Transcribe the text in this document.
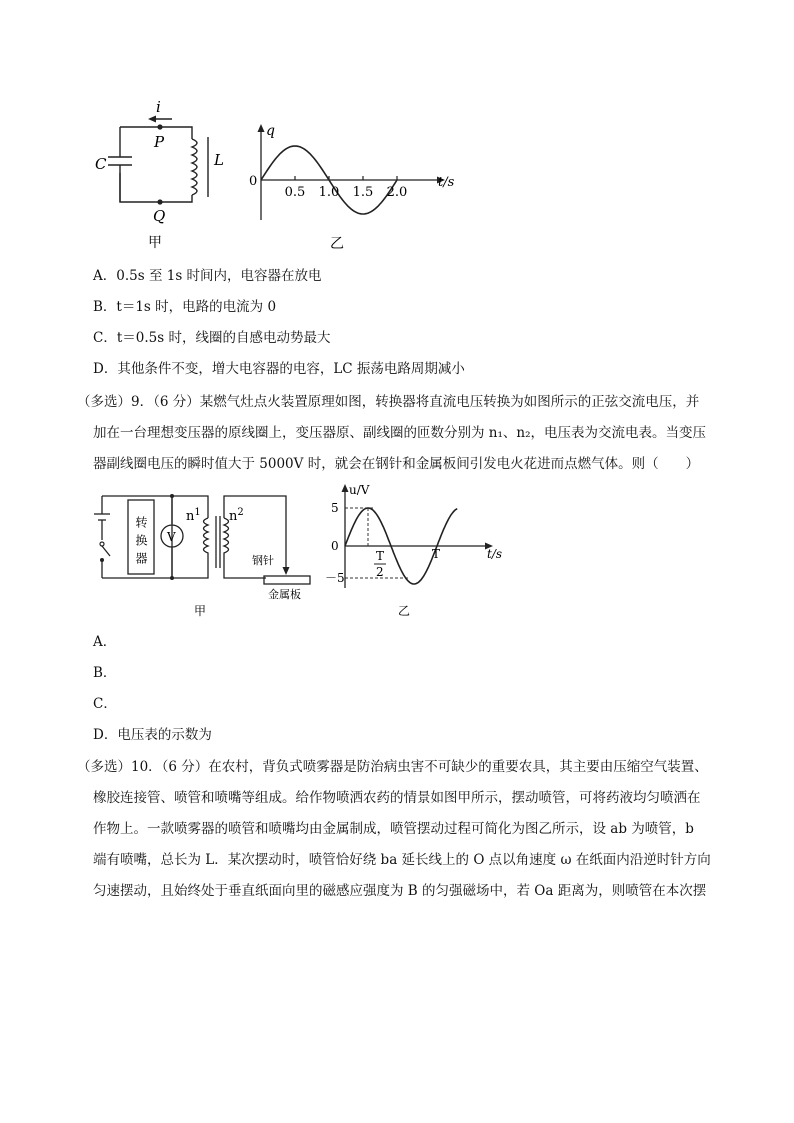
i
P
Q
C	L
甲
q
t/s
0
0.5 1.0 1.5 2.0
乙
A．0.5s 至 1s 时间内，电容器在放电
B．t＝1s 时，电路的电流为 0
C．t＝0.5s 时，线圈的自感电动势最大
D．其他条件不变，增大电容器的电容，LC 振荡电路周期减小
（多选）9．（6 分）某燃气灶点火装置原理如图，转换器将直流电压转换为如图所示的正弦交流电压，并
加在一台理想变压器的原线圈上，变压器原、副线圈的匝数分别为 n₁、n₂，电压表为交流电表。当变压
器副线圈电压的瞬时值大于 5000V 时，就会在钢针和金属板间引发电火花进而点燃气体。则（　　）
转换器 V
$n^1$ $n^2$
钢针
金属板
甲
u/V
t/s
5
0
－5
T
2
T
乙
A．
B．
C．
D．电压表的示数为
（多选）10．（6 分）在农村，背负式喷雾器是防治病虫害不可缺少的重要农具，其主要由压缩空气装置、
橡胶连接管、喷管和喷嘴等组成。给作物喷洒农药的情景如图甲所示，摆动喷管，可将药液均匀喷洒在
作物上。一款喷雾器的喷管和喷嘴均由金属制成，喷管摆动过程可简化为图乙所示，设 ab 为喷管，b
端有喷嘴，总长为 L．某次摆动时，喷管恰好绕 ba 延长线上的 O 点以角速度 ω 在纸面内沿逆时针方向
匀速摆动，且始终处于垂直纸面向里的磁感应强度为 B 的匀强磁场中，若 Oa 距离为，则喷管在本次摆
